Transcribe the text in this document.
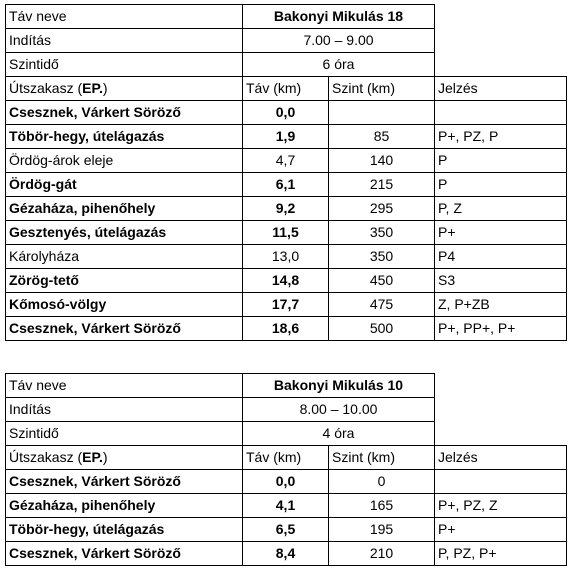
Táv neve	Bakonyi Mikulás 18		
Indítás	7.00 – 9.00		
Szintidő	6 óra		
Útszakasz (EP.)	Táv (km)	Szint (km)	Jelzés
Csesznek, Várkert Söröző	0,0		
Töbör-hegy, útelágazás	1,9	85	P+, PZ, P
Ördög-árok eleje	4,7	140	P
Ördög-gát	6,1	215	P
Gézaháza, pihenőhely	9,2	295	P, Z
Gesztenyés, útelágazás	11,5	350	P+
Károlyháza	13,0	350	P4
Zörög-tető	14,8	450	S3
Kőmosó-völgy	17,7	475	Z, P+ZB
Csesznek, Várkert Söröző	18,6	500	P+, PP+, P+
Táv neve	Bakonyi Mikulás 10		
Indítás	8.00 – 10.00		
Szintidő	4 óra		
Útszakasz (EP.)	Táv (km)	Szint (km)	Jelzés
Csesznek, Várkert Söröző	0,0	0	
Gézaháza, pihenőhely	4,1	165	P+, PZ, Z
Töbör-hegy, útelágazás	6,5	195	P+
Csesznek, Várkert Söröző	8,4	210	P, PZ, P+
